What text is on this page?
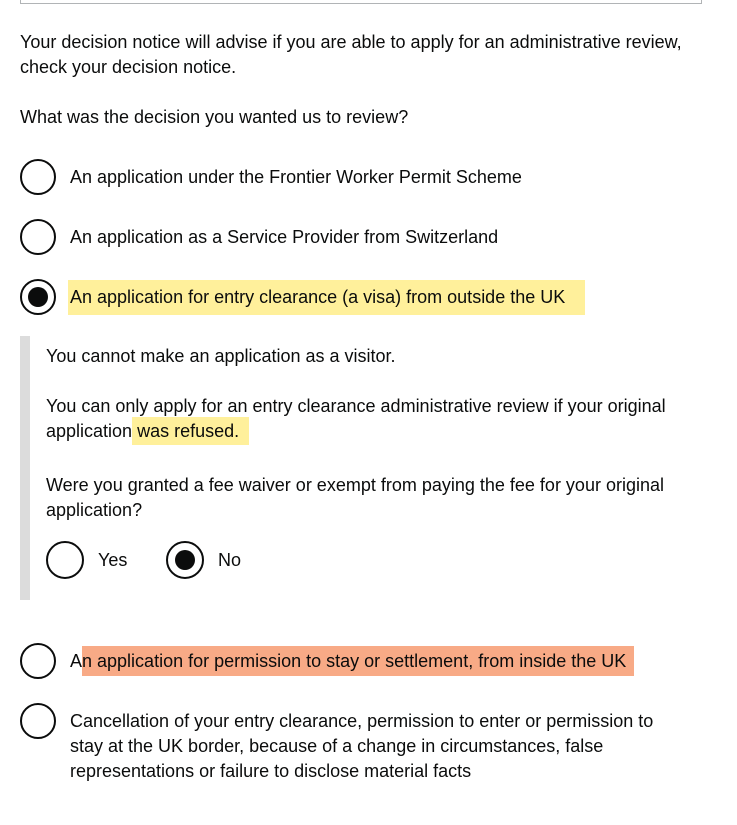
Your decision notice will advise if you are able to apply for an administrative review, check your decision notice.

What was the decision you wanted us to review?

An application under the Frontier Worker Permit Scheme
An application as a Service Provider from Switzerland
An application for entry clearance (a visa) from outside the UK

You cannot make an application as a visitor.

You can only apply for an entry clearance administrative review if your original application was refused.

Were you granted a fee waiver or exempt from paying the fee for your original application?

Yes	No
An application for permission to stay or settlement, from inside the UK
Cancellation of your entry clearance, permission to enter or permission to stay at the UK border, because of a change in circumstances, false representations or failure to disclose material facts
